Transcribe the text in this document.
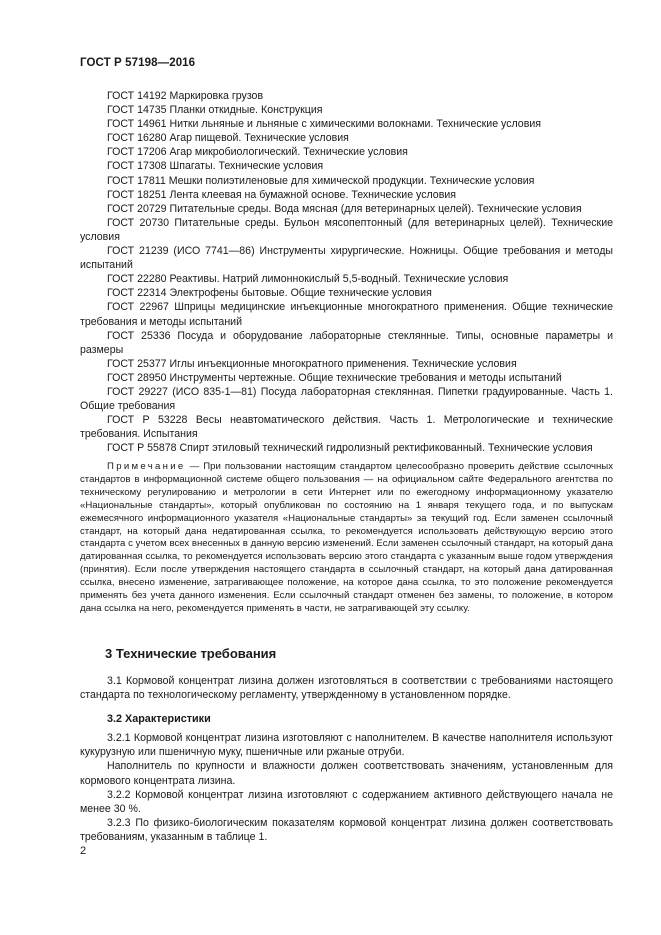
ГОСТ Р 57198—2016
ГОСТ 14192 Маркировка грузов
ГОСТ 14735 Планки откидные. Конструкция
ГОСТ 14961 Нитки льняные и льняные с химическими волокнами. Технические условия
ГОСТ 16280 Агар пищевой. Технические условия
ГОСТ 17206 Агар микробиологический. Технические условия
ГОСТ 17308 Шпагаты. Технические условия
ГОСТ 17811 Мешки полиэтиленовые для химической продукции. Технические условия
ГОСТ 18251 Лента клеевая на бумажной основе. Технические условия
ГОСТ 20729 Питательные среды. Вода мясная (для ветеринарных целей). Технические условия
ГОСТ 20730 Питательные среды. Бульон мясопептонный (для ветеринарных целей). Технические условия
ГОСТ 21239 (ИСО 7741—86) Инструменты хирургические. Ножницы. Общие требования и методы испытаний
ГОСТ 22280 Реактивы. Натрий лимоннокислый 5,5-водный. Технические условия
ГОСТ 22314 Электрофены бытовые. Общие технические условия
ГОСТ 22967 Шприцы медицинские инъекционные многократного применения. Общие технические требования и методы испытаний
ГОСТ 25336 Посуда и оборудование лабораторные стеклянные. Типы, основные параметры и размеры
ГОСТ 25377 Иглы инъекционные многократного применения. Технические условия
ГОСТ 28950 Инструменты чертежные. Общие технические требования и методы испытаний
ГОСТ 29227 (ИСО 835-1—81) Посуда лабораторная стеклянная. Пипетки градуированные. Часть 1. Общие требования
ГОСТ Р 53228 Весы неавтоматического действия. Часть 1. Метрологические и технические требования. Испытания
ГОСТ Р 55878 Спирт этиловый технический гидролизный ректификованный. Технические условия
Примечание — При пользовании настоящим стандартом целесообразно проверить действие ссылочных стандартов в информационной системе общего пользования — на официальном сайте Федерального агентства по техническому регулированию и метрологии в сети Интернет или по ежегодному информационному указателю «Национальные стандарты», который опубликован по состоянию на 1 января текущего года, и по выпускам ежемесячного информационного указателя «Национальные стандарты» за текущий год. Если заменен ссылочный стандарт, на который дана недатированная ссылка, то рекомендуется использовать действующую версию этого стандарта с учетом всех внесенных в данную версию изменений. Если заменен ссылочный стандарт, на который дана датированная ссылка, то рекомендуется использовать версию этого стандарта с указанным выше годом утверждения (принятия). Если после утверждения настоящего стандарта в ссылочный стандарт, на который дана датированная ссылка, внесено изменение, затрагивающее положение, на которое дана ссылка, то это положение рекомендуется применять без учета данного изменения. Если ссылочный стандарт отменен без замены, то положение, в котором дана ссылка на него, рекомендуется применять в части, не затрагивающей эту ссылку.
3 Технические требования
3.1 Кормовой концентрат лизина должен изготовляться в соответствии с требованиями настоящего стандарта по технологическому регламенту, утвержденному в установленном порядке.
3.2 Характеристики
3.2.1 Кормовой концентрат лизина изготовляют с наполнителем. В качестве наполнителя используют кукурузную или пшеничную муку, пшеничные или ржаные отруби.
Наполнитель по крупности и влажности должен соответствовать значениям, установленным для кормового концентрата лизина.
3.2.2 Кормовой концентрат лизина изготовляют с содержанием активного действующего начала не менее 30 %.
3.2.3 По физико-биологическим показателям кормовой концентрат лизина должен соответствовать требованиям, указанным в таблице 1.
2
